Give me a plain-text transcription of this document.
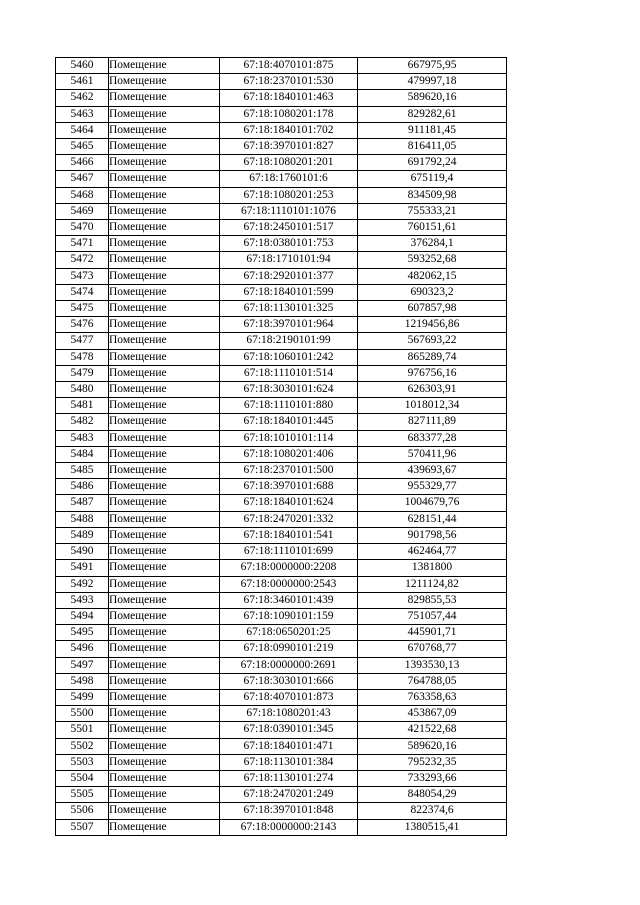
5460	Помещение	67:18:4070101:875	667975,95
5461	Помещение	67:18:2370101:530	479997,18
5462	Помещение	67:18:1840101:463	589620,16
5463	Помещение	67:18:1080201:178	829282,61
5464	Помещение	67:18:1840101:702	911181,45
5465	Помещение	67:18:3970101:827	816411,05
5466	Помещение	67:18:1080201:201	691792,24
5467	Помещение	67:18:1760101:6	675119,4
5468	Помещение	67:18:1080201:253	834509,98
5469	Помещение	67:18:1110101:1076	755333,21
5470	Помещение	67:18:2450101:517	760151,61
5471	Помещение	67:18:0380101:753	376284,1
5472	Помещение	67:18:1710101:94	593252,68
5473	Помещение	67:18:2920101:377	482062,15
5474	Помещение	67:18:1840101:599	690323,2
5475	Помещение	67:18:1130101:325	607857,98
5476	Помещение	67:18:3970101:964	1219456,86
5477	Помещение	67:18:2190101:99	567693,22
5478	Помещение	67:18:1060101:242	865289,74
5479	Помещение	67:18:1110101:514	976756,16
5480	Помещение	67:18:3030101:624	626303,91
5481	Помещение	67:18:1110101:880	1018012,34
5482	Помещение	67:18:1840101:445	827111,89
5483	Помещение	67:18:1010101:114	683377,28
5484	Помещение	67:18:1080201:406	570411,96
5485	Помещение	67:18:2370101:500	439693,67
5486	Помещение	67:18:3970101:688	955329,77
5487	Помещение	67:18:1840101:624	1004679,76
5488	Помещение	67:18:2470201:332	628151,44
5489	Помещение	67:18:1840101:541	901798,56
5490	Помещение	67:18:1110101:699	462464,77
5491	Помещение	67:18:0000000:2208	1381800
5492	Помещение	67:18:0000000:2543	1211124,82
5493	Помещение	67:18:3460101:439	829855,53
5494	Помещение	67:18:1090101:159	751057,44
5495	Помещение	67:18:0650201:25	445901,71
5496	Помещение	67:18:0990101:219	670768,77
5497	Помещение	67:18:0000000:2691	1393530,13
5498	Помещение	67:18:3030101:666	764788,05
5499	Помещение	67:18:4070101:873	763358,63
5500	Помещение	67:18:1080201:43	453867,09
5501	Помещение	67:18:0390101:345	421522,68
5502	Помещение	67:18:1840101:471	589620,16
5503	Помещение	67:18:1130101:384	795232,35
5504	Помещение	67:18:1130101:274	733293,66
5505	Помещение	67:18:2470201:249	848054,29
5506	Помещение	67:18:3970101:848	822374,6
5507	Помещение	67:18:0000000:2143	1380515,41
